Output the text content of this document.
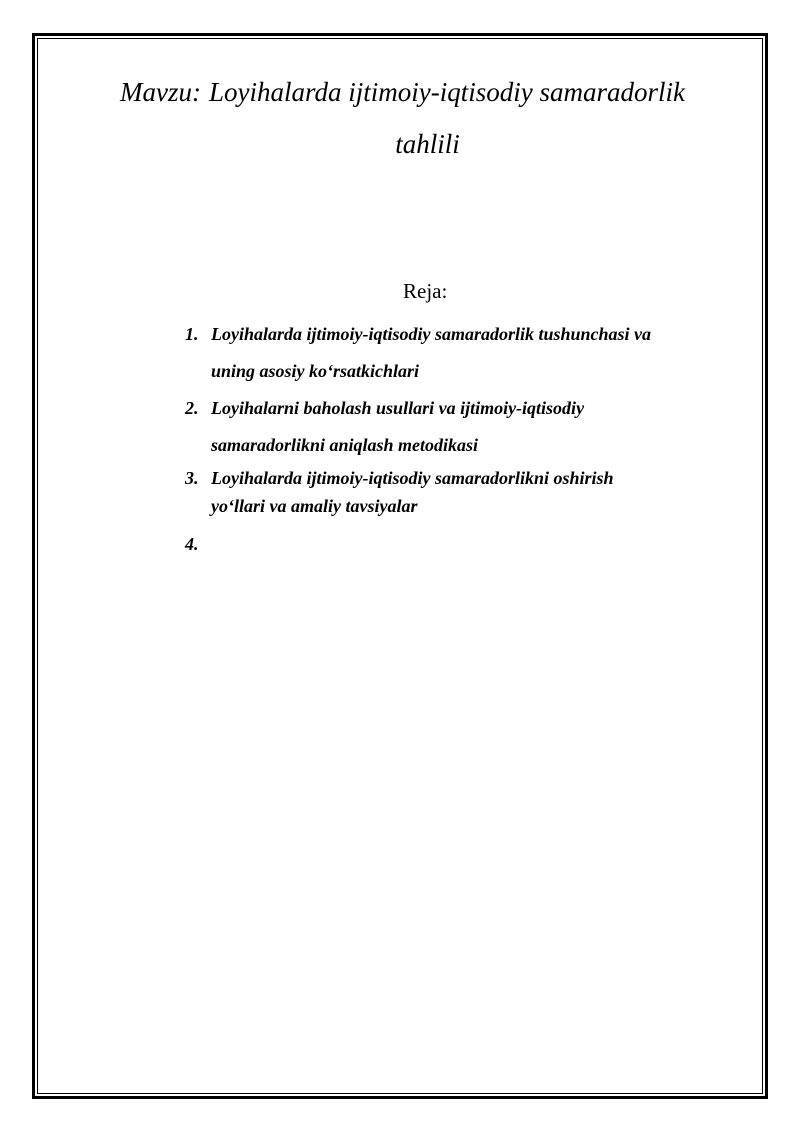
Mavzu: Loyihalarda ijtimoiy-iqtisodiy samaradorlik
tahlili
Reja:
1. Loyihalarda ijtimoiy-iqtisodiy samaradorlik tushunchasi va
uning asosiy ko‘rsatkichlari
2. Loyihalarni baholash usullari va ijtimoiy-iqtisodiy
samaradorlikni aniqlash metodikasi
3. Loyihalarda ijtimoiy-iqtisodiy samaradorlikni oshirish
yo‘llari va amaliy tavsiyalar
4.
